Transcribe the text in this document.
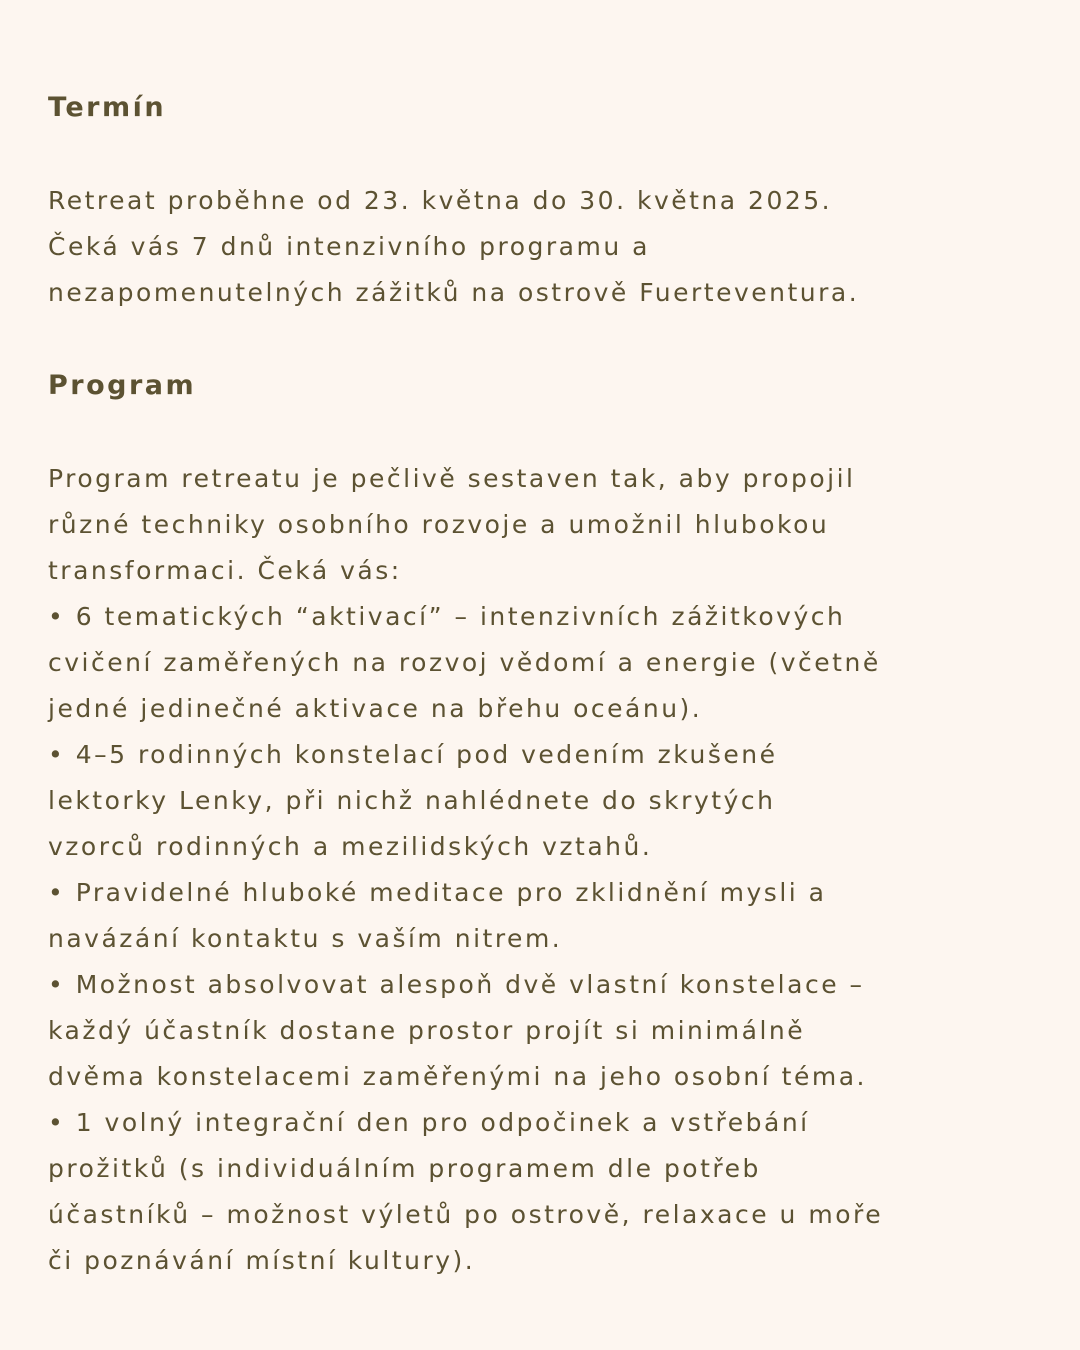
Termín

Retreat proběhne od 23. května do 30. května 2025.
Čeká vás 7 dnů intenzivního programu a
nezapomenutelných zážitků na ostrově Fuerteventura.

Program

Program retreatu je pečlivě sestaven tak, aby propojil
různé techniky osobního rozvoje a umožnil hlubokou
transformaci. Čeká vás:
• 6 tematických “aktivací” – intenzivních zážitkových
cvičení zaměřených na rozvoj vědomí a energie (včetně
jedné jedinečné aktivace na břehu oceánu).
• 4–5 rodinných konstelací pod vedením zkušené
lektorky Lenky, při nichž nahlédnete do skrytých
vzorců rodinných a mezilidských vztahů.
• Pravidelné hluboké meditace pro zklidnění mysli a
navázání kontaktu s vaším nitrem.
• Možnost absolvovat alespoň dvě vlastní konstelace –
každý účastník dostane prostor projít si minimálně
dvěma konstelacemi zaměřenými na jeho osobní téma.
• 1 volný integrační den pro odpočinek a vstřebání
prožitků (s individuálním programem dle potřeb
účastníků – možnost výletů po ostrově, relaxace u moře
či poznávání místní kultury).
